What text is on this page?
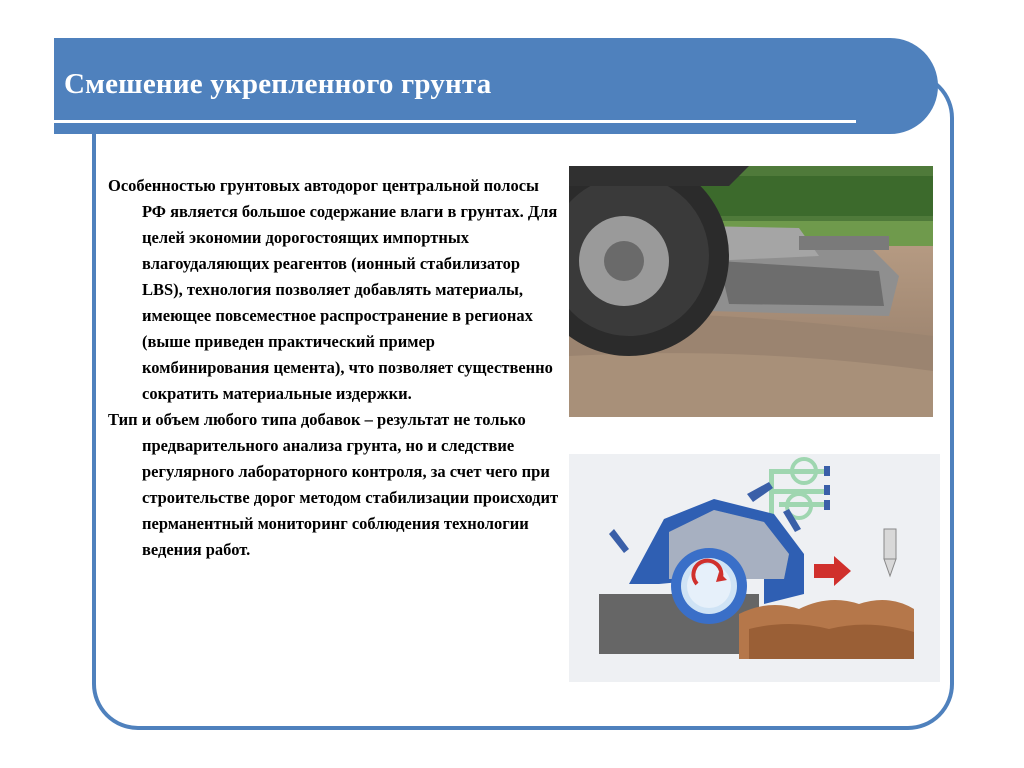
Смешение укрепленного грунта

Особенностью грунтовых автодорог центральной полосы РФ является большое содержание влаги в грунтах. Для целей экономии дорогостоящих импортных влагоудаляющих реагентов (ионный стабилизатор LBS), технология позволяет добавлять материалы, имеющее повсеместное распространение в регионах (выше приведен практический пример комбинирования цемента), что позволяет существенно сократить материальные издержки.

Тип и объем любого типа добавок – результат не только предварительного анализа грунта, но и следствие регулярного лабораторного контроля, за счет чего при строительстве дорог методом стабилизации происходит перманентный мониторинг соблюдения технологии ведения работ.
